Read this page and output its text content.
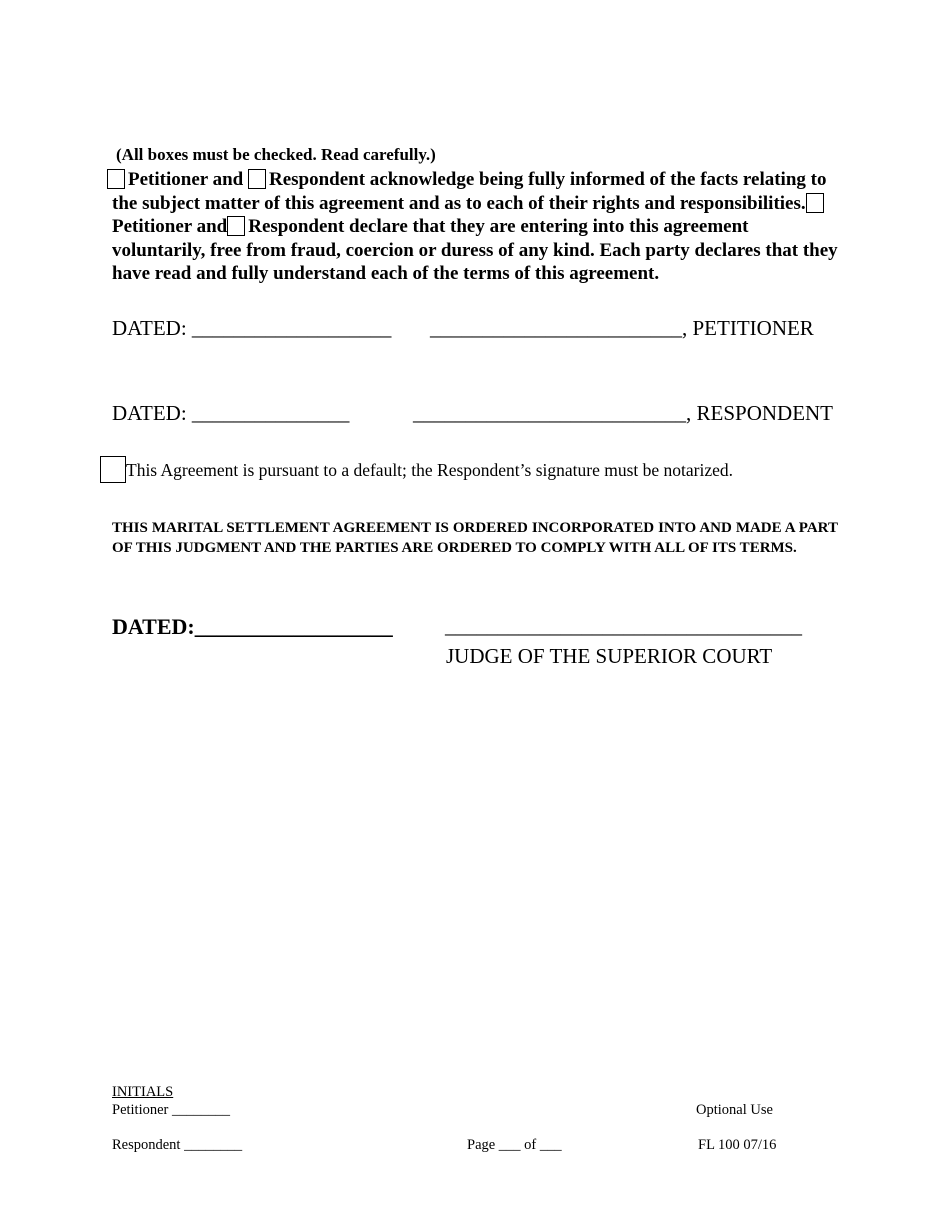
(All boxes must be checked. Read carefully.)
Petitioner and Respondent acknowledge being fully informed of the facts relating to the subject matter of this agreement and as to each of their rights and responsibilities.Petitioner and Respondent declare that they are entering into this agreement voluntarily, free from fraud, coercion or duress of any kind. Each party declares that they have read and fully understand each of the terms of this agreement.
DATED: ___________________ ________________________, PETITIONER
DATED: _______________	__________________________, RESPONDENT
This Agreement is pursuant to a default; the Respondent’s signature must be notarized.
THIS MARITAL SETTLEMENT AGREEMENT IS ORDERED INCORPORATED INTO AND MADE A PART OF THIS JUDGMENT AND THE PARTIES ARE ORDERED TO COMPLY WITH ALL OF ITS TERMS.
DATED:__________________ __________________________________
JUDGE OF THE SUPERIOR COURT
INITIALS
Petitioner ________
Respondent ________	Page ___ of ___
Optional Use
FL 100 07/16
